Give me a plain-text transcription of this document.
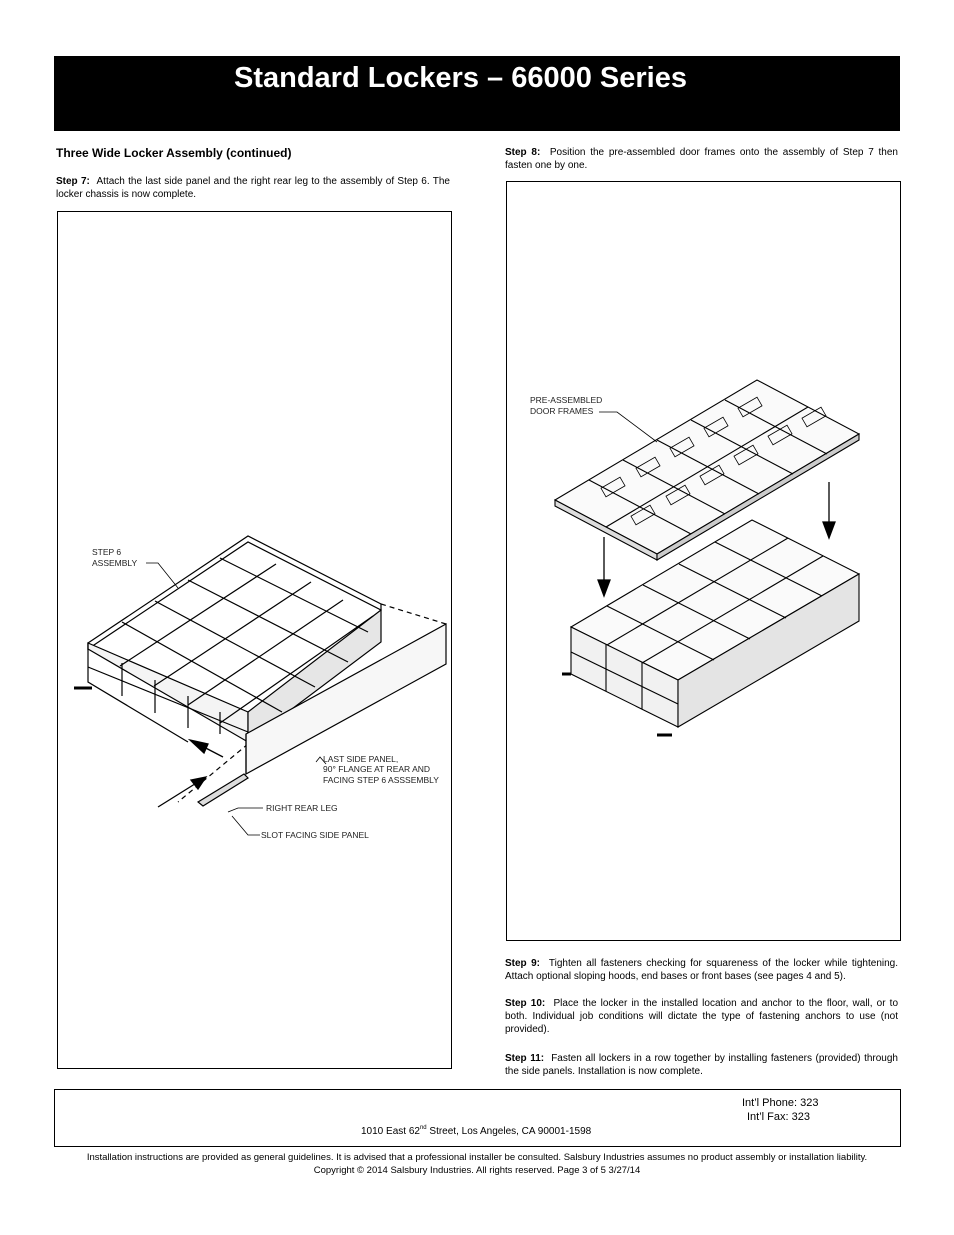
Standard Lockers – 66000 Series
Three Wide Locker Assembly (continued)
Step 7: Attach the last side panel and the right rear leg to the assembly of Step 6. The locker chassis is now complete.
STEP 6
ASSEMBLY
LAST SIDE PANEL,
90° FLANGE AT REAR AND
FACING STEP 6 ASSSEMBLY
RIGHT REAR LEG
SLOT FACING SIDE PANEL
Step 8: Position the pre-assembled door frames onto the assembly of Step 7 then fasten one by one.
PRE-ASSEMBLED
DOOR FRAMES
Step 9: Tighten all fasteners checking for squareness of the locker while tightening. Attach optional sloping hoods, end bases or front bases (see pages 4 and 5).
Step 10: Place the locker in the installed location and anchor to the floor, wall, or to both. Individual job conditions will dictate the type of fastening anchors to use (not provided).
Step 11: Fasten all lockers in a row together by installing fasteners (provided) through the side panels. Installation is now complete.
Int’l Phone: 323
Int’l Fax: 323
1010 East 62nd Street, Los Angeles, CA 90001-1598
Installation instructions are provided as general guidelines. It is advised that a professional installer be consulted. Salsbury Industries assumes no product assembly or installation liability.
Copyright © 2014 Salsbury Industries. All rights reserved. Page 3 of 5 3/27/14
